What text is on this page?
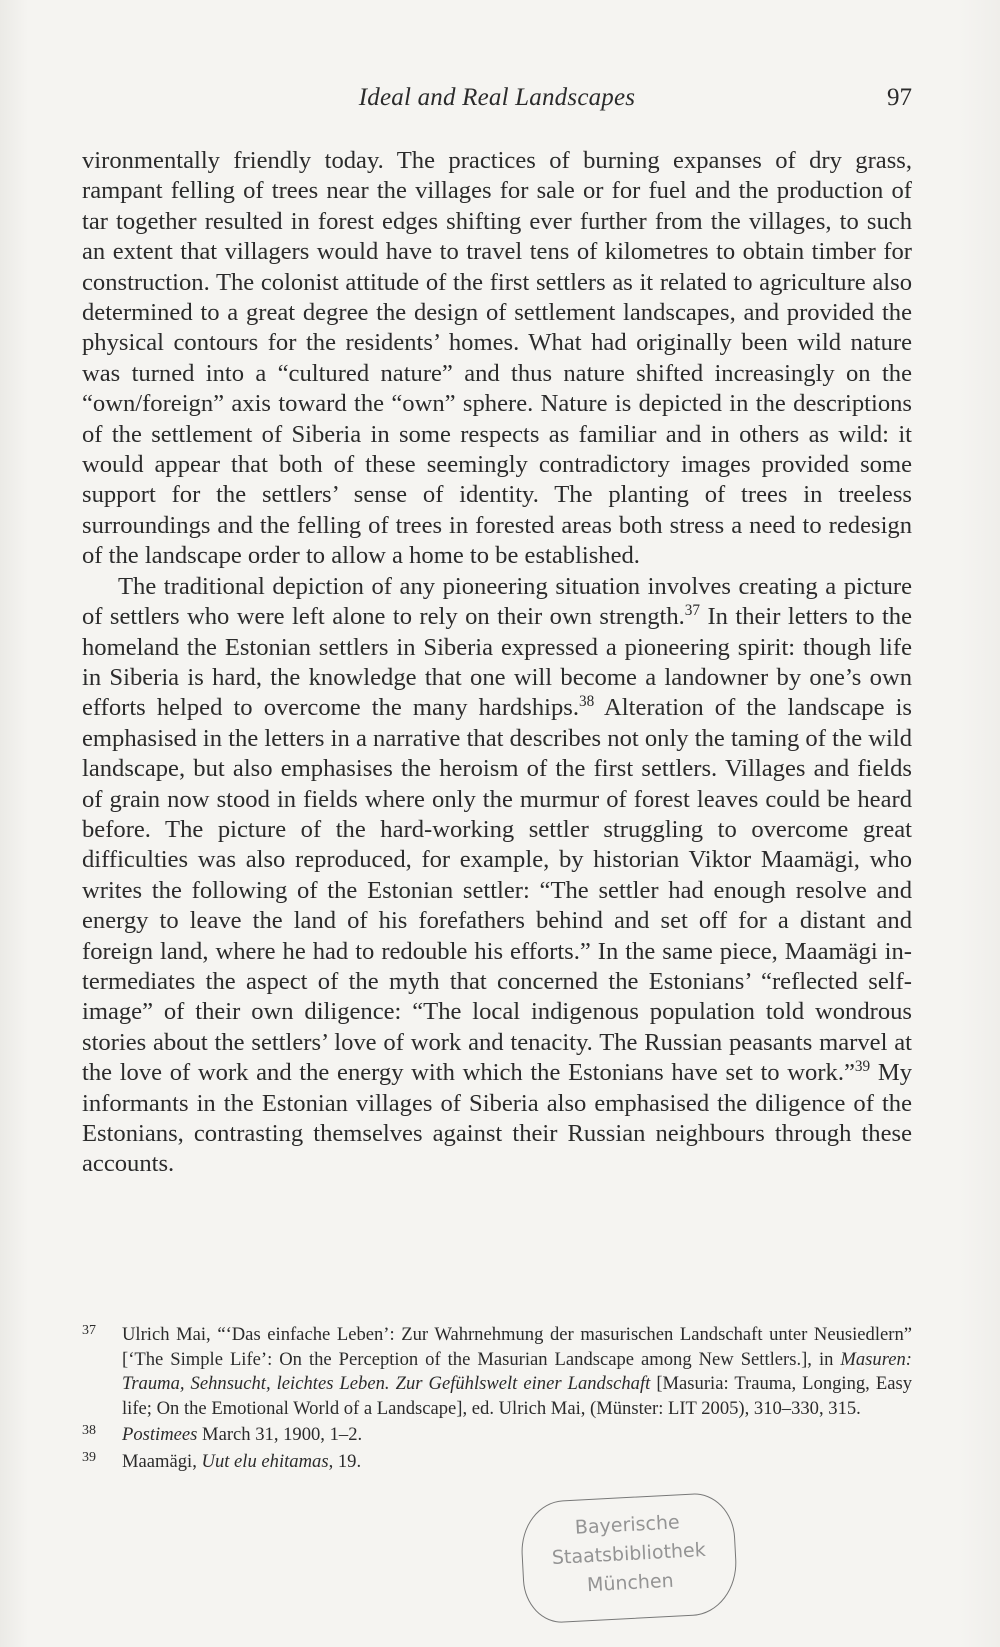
Ideal and Real Landscapes	97

vironmentally friendly today. The practices of burning expanses of dry grass, rampant felling of trees near the villages for sale or for fuel and the production of tar together resulted in forest edges shifting ever further from the villages, to such an extent that villagers would have to travel tens of kilometres to obtain timber for construction. The colonist attitude of the first settlers as it related to agriculture also determined to a great degree the design of settlement landscapes, and provided the physical contours for the residents’ homes. What had originally been wild nature was turned into a “cultured nature” and thus nature shifted increasingly on the “own/foreign” axis toward the “own” sphere. Nature is depicted in the descriptions of the settlement of Siberia in some respects as familiar and in others as wild: it would appear that both of these seemingly contradictory images provided some support for the settlers’ sense of identity. The planting of trees in treeless surroundings and the felling of trees in forested areas both stress a need to redesign of the landscape order to allow a home to be established.

The traditional depiction of any pioneering situation involves creating a picture of settlers who were left alone to rely on their own strength.$^{37}$ In their letters to the homeland the Estonian settlers in Siberia expressed a pioneering spirit: though life in Siberia is hard, the knowledge that one will become a landowner by one’s own efforts helped to overcome the many hardships.$^{38}$ Alteration of the landscape is emphasised in the letters in a narrative that describes not only the taming of the wild landscape, but also emphasises the heroism of the first settlers. Villages and fields of grain now stood in fields where only the murmur of forest leaves could be heard before. The picture of the hard-working settler struggling to overcome great difficulties was also reproduced, for example, by historian Viktor Maamägi, who writes the following of the Estonian settler: “The settler had enough resolve and energy to leave the land of his forefathers behind and set off for a distant and foreign land, where he had to redouble his efforts.” In the same piece, Maamägi intermediates the aspect of the myth that concerned the Estonians’ “reflected self-image” of their own diligence: “The local indigenous population told wondrous stories about the settlers’ love of work and tenacity. The Russian peasants marvel at the love of work and the energy with which the Estonians have set to work.”$^{39}$ My informants in the Estonian villages of Siberia also emphasised the diligence of the Estonians, contrasting themselves against their Russian neighbours through these accounts.

37 Ulrich Mai, “‘Das einfache Leben’: Zur Wahrnehmung der masurischen Landschaft unter Neusiedlern” [‘The Simple Life’: On the Perception of the Masurian Landscape among New Settlers.], in Masuren: Trauma, Sehnsucht, leichtes Leben. Zur Gefühlswelt einer Landschaft [Masuria: Trauma, Longing, Easy life; On the Emotional World of a Landscape], ed. Ulrich Mai, (Münster: LIT 2005), 310–330, 315.
38 Postimees March 31, 1900, 1–2.
39 Maamägi, Uut elu ehitamas, 19.
Bayerische
Staatsbibliothek
München
